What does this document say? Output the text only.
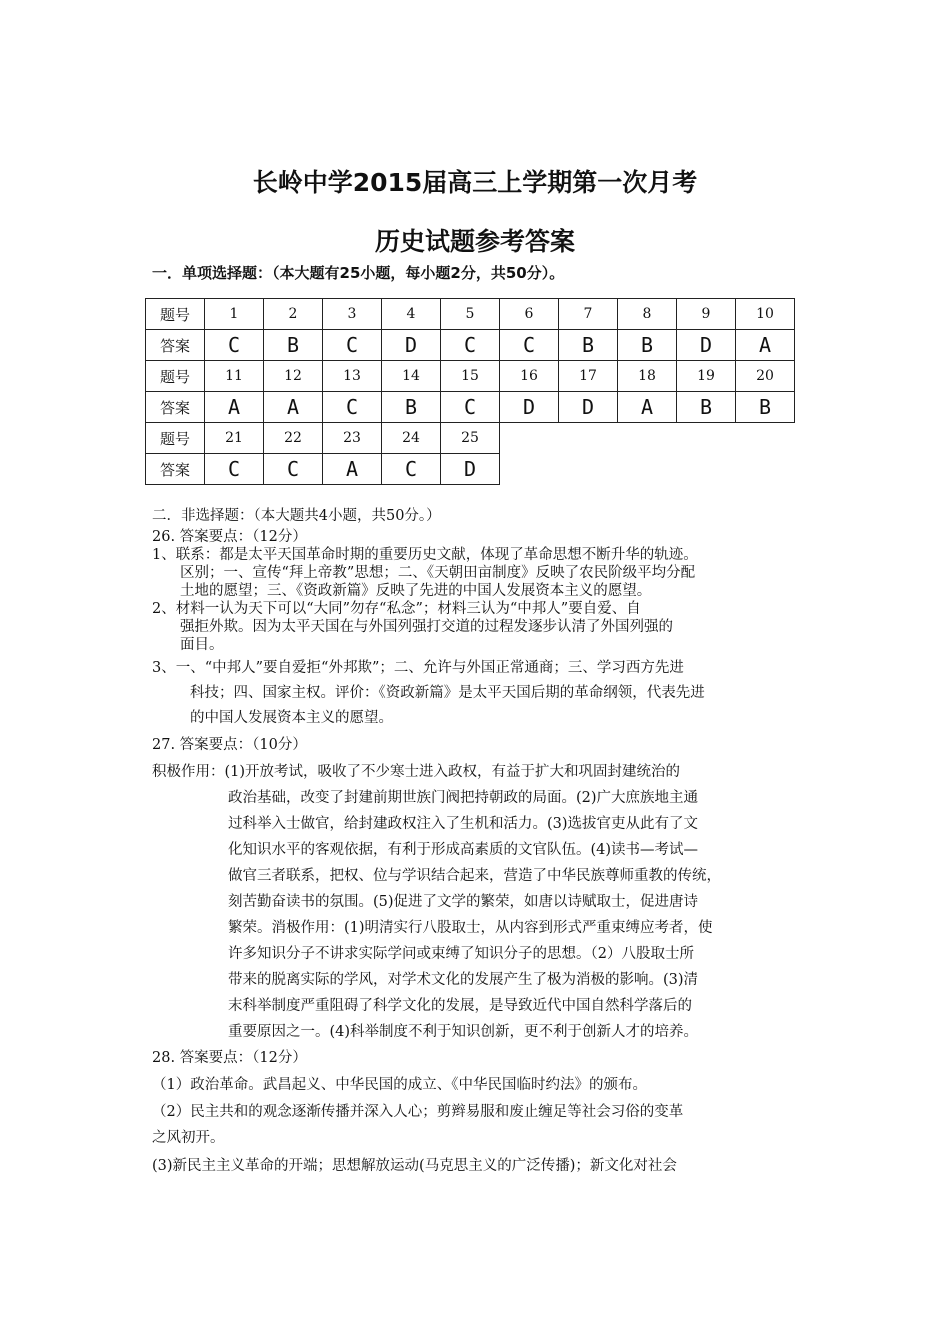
长岭中学2015届高三上学期第一次月考
历史试题参考答案
一．单项选择题：（本大题有25小题，每小题2分，共50分）。
题号	1	2	3	4	5	6	7	8	9	10
答案	C	B	C	D	C	C	B	B	D	A
题号	11	12	13	14	15	16	17	18	19	20
答案	A	A	C	B	C	D	D	A	B	B
题号	21	22	23	24	25					
答案	C	C	A	C	D					
二．非选择题：（本大题共4小题，共50分。）
26. 答案要点：（12分）
1、联系：都是太平天国革命时期的重要历史文献，体现了革命思想不断升华的轨迹。
区别；一、宣传“拜上帝教”思想；二、《天朝田亩制度》反映了农民阶级平均分配
土地的愿望；三、《资政新篇》反映了先进的中国人发展资本主义的愿望。
2、材料一认为天下可以“大同”勿存“私念”；材料三认为“中邦人”要自爱、自
强拒外欺。因为太平天国在与外国列强打交道的过程发逐步认清了外国列强的
面目。
3、一、“中邦人”要自爱拒“外邦欺”；二、允许与外国正常通商；三、学习西方先进
科技；四、国家主权。评价：《资政新篇》是太平天国后期的革命纲领，代表先进
的中国人发展资本主义的愿望。
27. 答案要点：（10分）
积极作用：(1)开放考试，吸收了不少寒士进入政权，有益于扩大和巩固封建统治的
政治基础，改变了封建前期世族门阀把持朝政的局面。(2)广大庶族地主通
过科举入士做官，给封建政权注入了生机和活力。(3)选拔官吏从此有了文
化知识水平的客观依据，有利于形成高素质的文官队伍。(4)读书—考试—
做官三者联系，把权、位与学识结合起来，营造了中华民族尊师重教的传统，
刻苦勤奋读书的氛围。(5)促进了文学的繁荣，如唐以诗赋取士，促进唐诗
繁荣。消极作用：(1)明清实行八股取士，从内容到形式严重束缚应考者，使
许多知识分子不讲求实际学问或束缚了知识分子的思想。（2）八股取士所
带来的脱离实际的学风，对学术文化的发展产生了极为消极的影响。(3)清
末科举制度严重阻碍了科学文化的发展，是导致近代中国自然科学落后的
重要原因之一。(4)科举制度不利于知识创新，更不利于创新人才的培养。
28. 答案要点：（12分）
（1）政治革命。武昌起义、中华民国的成立、《中华民国临时约法》的颁布。
（2）民主共和的观念逐渐传播并深入人心；剪辫易服和废止缠足等社会习俗的变革
之风初开。
(3)新民主主义革命的开端；思想解放运动(马克思主义的广泛传播)；新文化对社会
